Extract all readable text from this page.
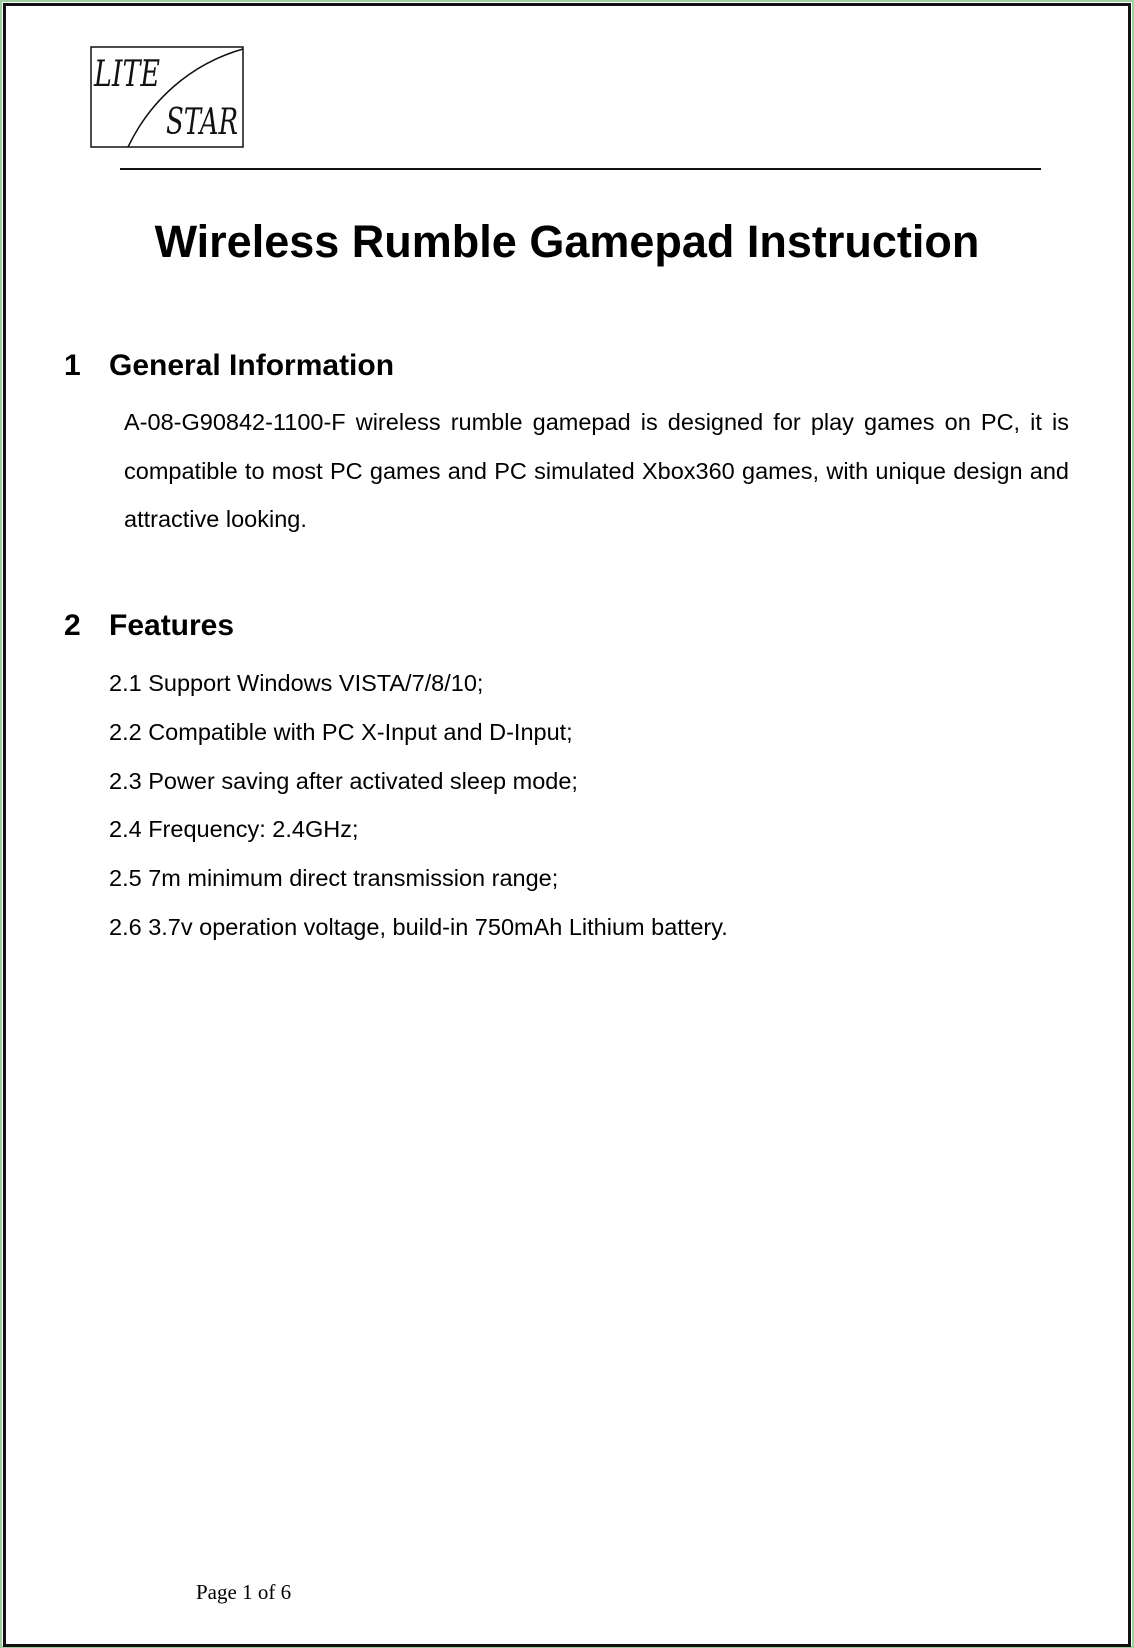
LITE
STAR
Wireless Rumble Gamepad Instruction
1 General Information

A-08-G90842-1100-F wireless rumble gamepad is designed for play games on PC, it is compatible to most PC games and PC simulated Xbox360 games, with unique design and attractive looking.

2 Features
2.1 Support Windows VISTA/7/8/10;
2.2 Compatible with PC X-Input and D-Input;
2.3 Power saving after activated sleep mode;
2.4 Frequency: 2.4GHz;
2.5 7m minimum direct transmission range;
2.6 3.7v operation voltage, build-in 750mAh Lithium battery.
Page 1 of 6
